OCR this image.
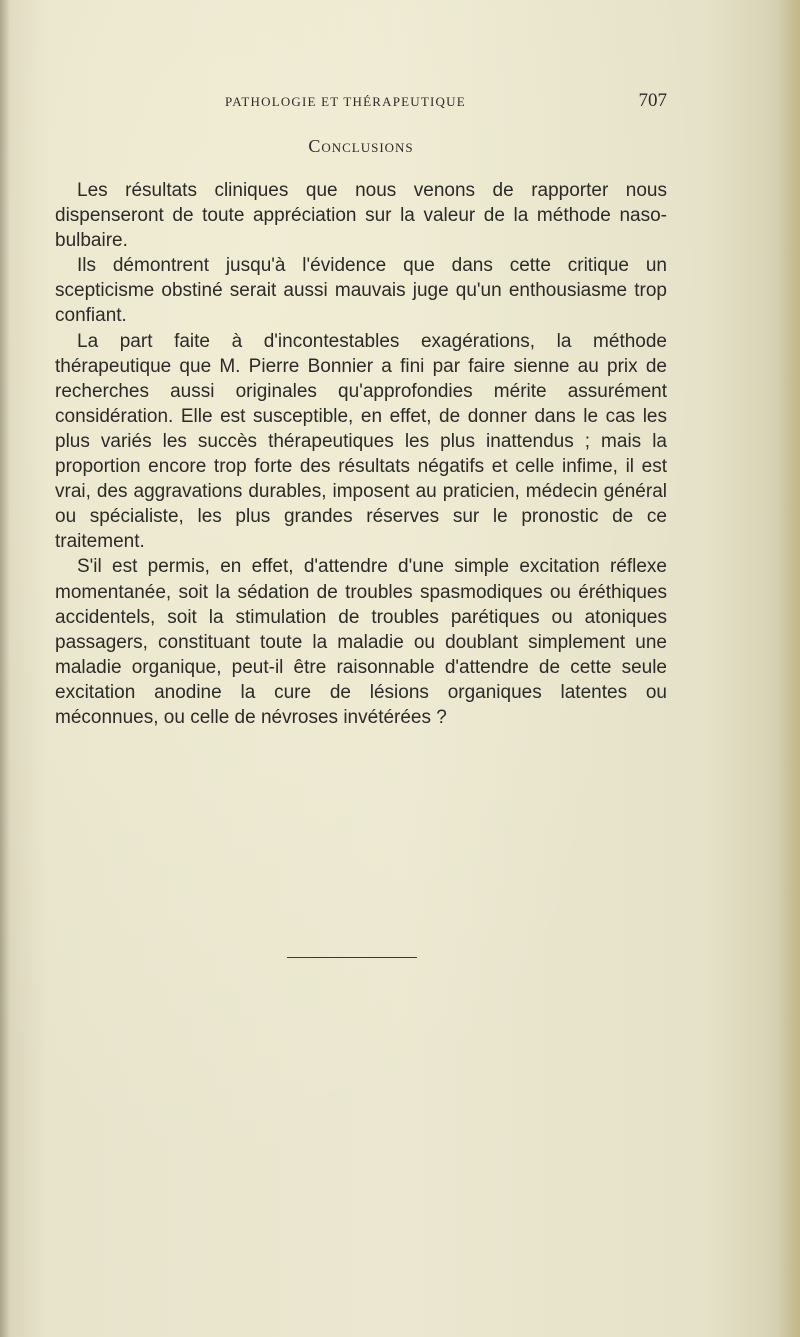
PATHOLOGIE ET THÉRAPEUTIQUE	707
Conclusions

Les résultats cliniques que nous venons de rapporter nous dispenseront de toute appréciation sur la valeur de la méthode naso-bulbaire.

Ils démontrent jusqu'à l'évidence que dans cette critique un scepticisme obstiné serait aussi mauvais juge qu'un enthousiasme trop confiant.

La part faite à d'incontestables exagérations, la méthode thérapeutique que M. Pierre Bonnier a fini par faire sienne au prix de recherches aussi originales qu'approfondies mérite assurément considération. Elle est susceptible, en effet, de donner dans le cas les plus variés les succès thérapeutiques les plus inattendus ; mais la proportion encore trop forte des résultats négatifs et celle infime, il est vrai, des aggravations durables, imposent au praticien, médecin général ou spécialiste, les plus grandes réserves sur le pronostic de ce traitement.

S'il est permis, en effet, d'attendre d'une simple excitation réflexe momentanée, soit la sédation de troubles spasmodiques ou éréthiques accidentels, soit la stimulation de troubles parétiques ou atoniques passagers, constituant toute la maladie ou doublant simplement une maladie organique, peut-il être raisonnable d'attendre de cette seule excitation anodine la cure de lésions organiques latentes ou méconnues, ou celle de névroses invétérées ?
